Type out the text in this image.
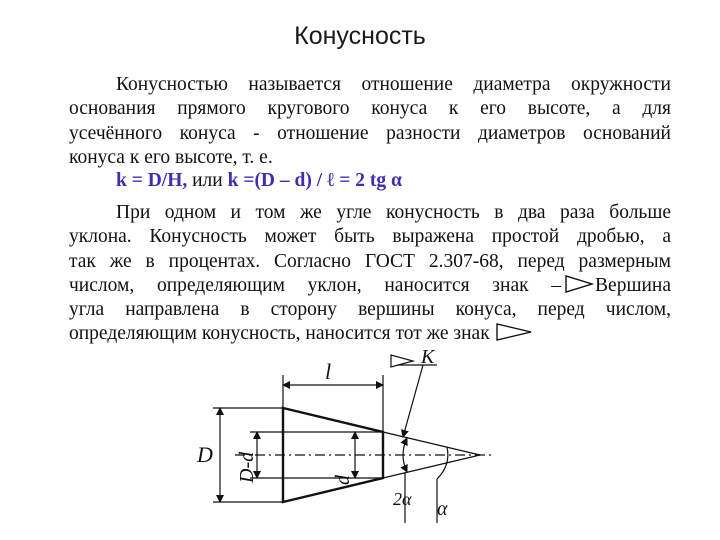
Конусность
Конусностью называется отношение диаметра окружности
основания прямого кругового конуса к его высоте, а для
усечённого конуса - отношение разности диаметров оснований
конуса к его высоте, т. е.
k = D/H, или k =(D – d) / ℓ = 2 tg α
При одном и том же угле конусность в два раза больше
уклона. Конусность может быть выражена простой дробью, а
так же в процентах. Согласно ГОСТ 2.307-68, перед размерным
числом, определяющим уклон, наносится знак – Вершина
угла направлена в сторону вершины конуса, перед числом,
определяющим конусность, наносится тот же знак
D D-d	d
l
K
2α α
